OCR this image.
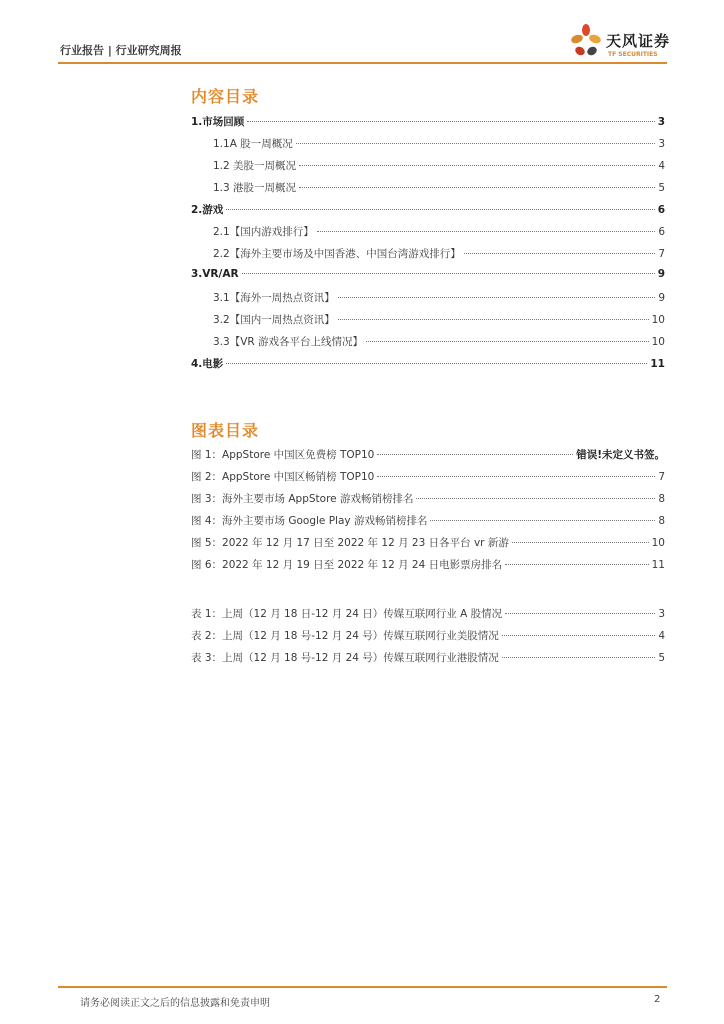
行业报告 | 行业研究周报
天风证券
TF SECURITIES
内容目录
1.市场回顾	3
1.1A 股一周概况	3
1.2 美股一周概况	4
1.3 港股一周概况	5
2.游戏	6
2.1【国内游戏排行】	6
2.2【海外主要市场及中国香港、中国台湾游戏排行】	7
3.VR/AR	9
3.1【海外一周热点资讯】	9
3.2【国内一周热点资讯】	10
3.3【VR 游戏各平台上线情况】	10
4.电影	11
图表目录
图 1：AppStore 中国区免费榜 TOP10	错误!未定义书签。
图 2：AppStore 中国区畅销榜 TOP10	7
图 3：海外主要市场 AppStore 游戏畅销榜排名	8
图 4：海外主要市场 Google Play 游戏畅销榜排名	8
图 5：2022 年 12 月 17 日至 2022 年 12 月 23 日各平台 vr 新游	10
图 6：2022 年 12 月 19 日至 2022 年 12 月 24 日电影票房排名	11
表 1：上周（12 月 18 日-12 月 24 日）传媒互联网行业 A 股情况	3
表 2：上周（12 月 18 号-12 月 24 号）传媒互联网行业美股情况	4
表 3：上周（12 月 18 号-12 月 24 号）传媒互联网行业港股情况	5
请务必阅读正文之后的信息披露和免责申明	2
